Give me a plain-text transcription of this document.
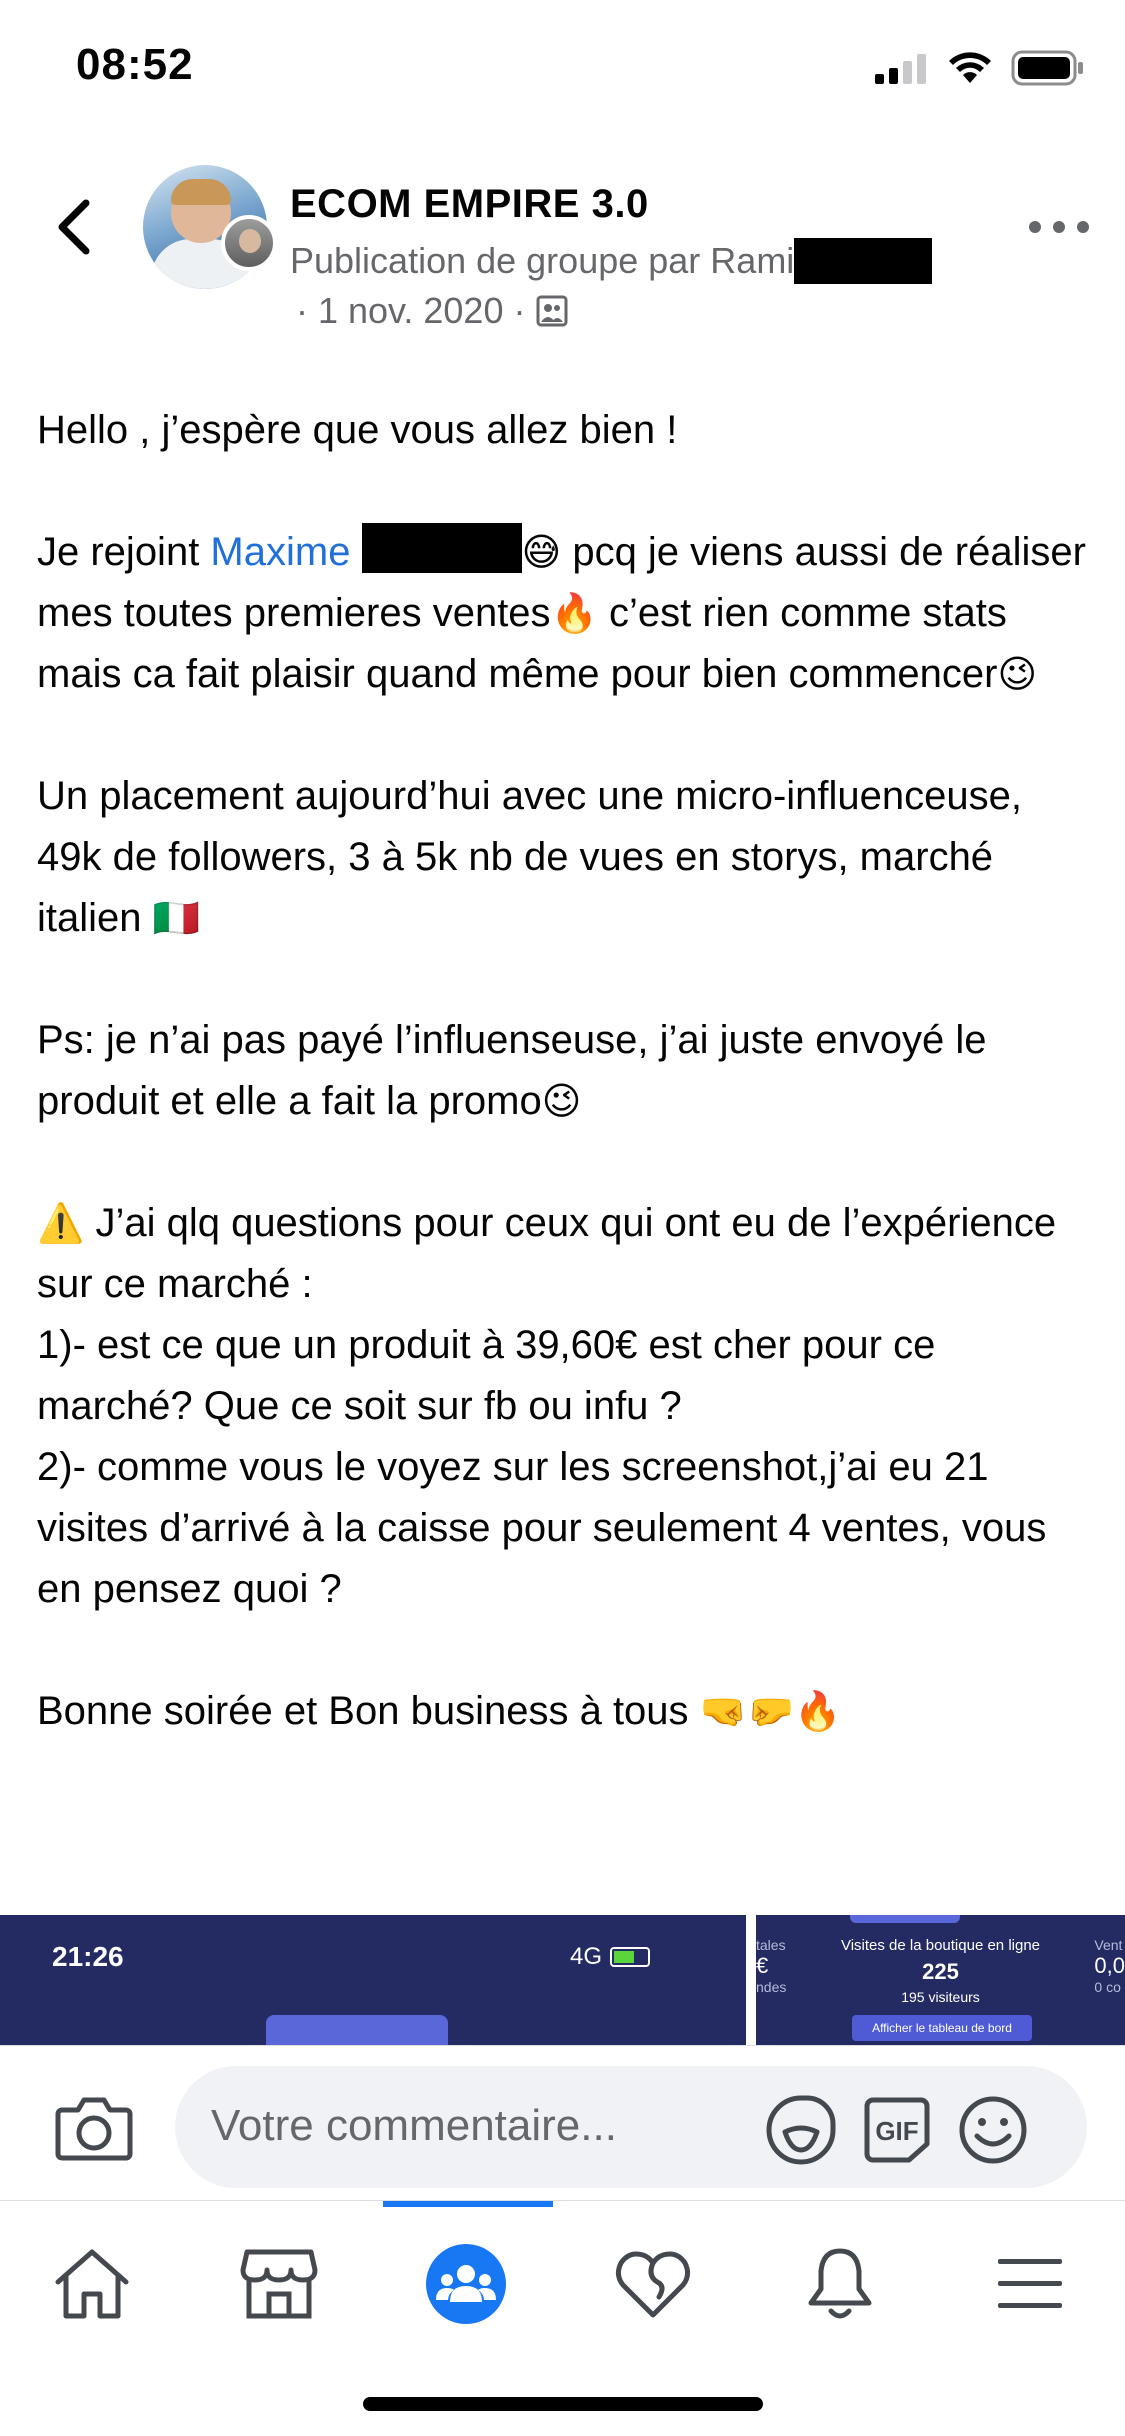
08:52
ECOM EMPIRE 3.0
Publication de groupe par Rami
· 1 nov. 2020 ·
Hello , j’espère que vous allez bien !
Je rejoint Maxime	😅 pcq je viens aussi de réaliser mes toutes premieres ventes🔥 c’est rien comme stats mais ca fait plaisir quand même pour bien commencer😉
Un placement aujourd’hui avec une micro-influenceuse, 49k de followers, 3 à 5k nb de vues en storys, marché italien 🇮🇹
Ps: je n’ai pas payé l’influenseuse, j’ai juste envoyé le produit et elle a fait la promo😉
⚠️ J’ai qlq questions pour ceux qui ont eu de l’expérience sur ce marché :
1)- est ce que un produit à 39,60€ est cher pour ce marché? Que ce soit sur fb ou infu ?
2)- comme vous le voyez sur les screenshot,j’ai eu 21 visites d’arrivé à la caisse pour seulement 4 ventes, vous en pensez quoi ?
Bonne soirée et Bon business à tous 🤜🤛🔥
21:26	4G	tales
€
ndes
Visites de la boutique en ligne
225
195 visiteurs
Afficher le tableau de bord
Vent
0,0
0 co
Votre commentaire...	GIF
